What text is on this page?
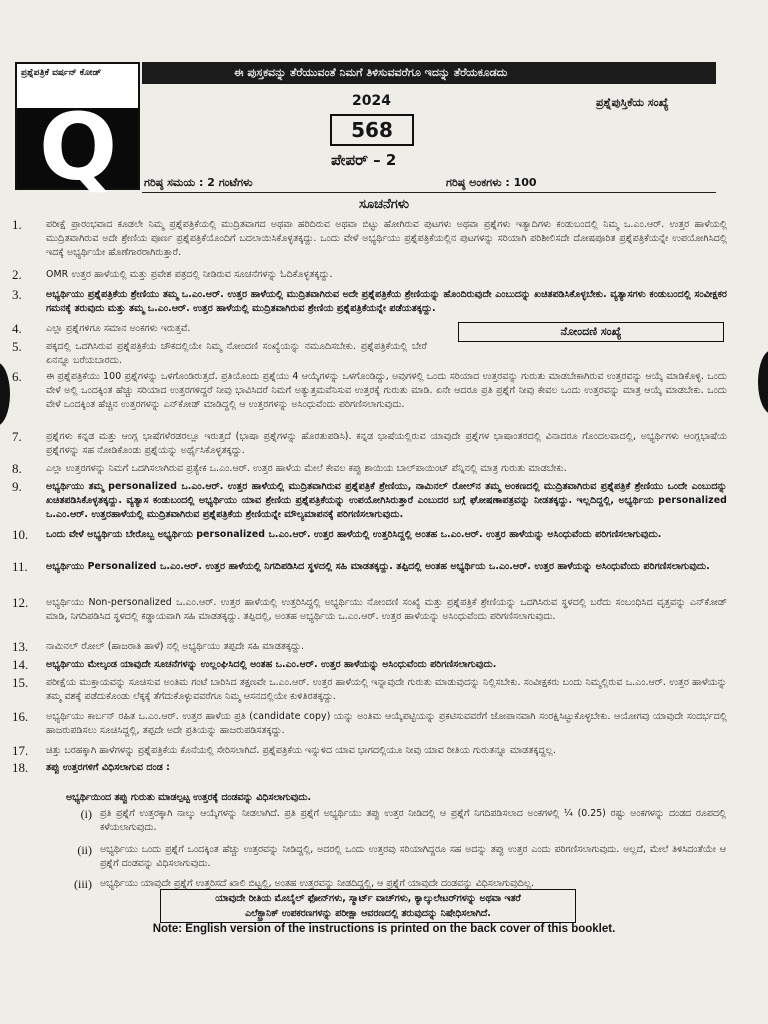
ಪ್ರಶ್ನೆಪತ್ರಿಕೆ ವರ್ಷನ್ ಕೋಡ್
Q
ಈ ಪುಸ್ತಕವನ್ನು ತೆರೆಯುವಂತೆ ನಿಮಗೆ ತಿಳಿಸುವವರೆಗೂ ಇದನ್ನು ತೆರೆಯಕೂಡದು
2024	ಪ್ರಶ್ನೆಪುಸ್ತಿಕೆಯ ಸಂಖ್ಯೆ
568
ಪೇಪರ್ – 2
ಗರಿಷ್ಠ ಸಮಯ : 2 ಗಂಟೆಗಳು	ಗರಿಷ್ಠ ಅಂಕಗಳು : 100
ಸೂಚನೆಗಳು
1.	ಪರೀಕ್ಷೆ ಪ್ರಾರಂಭವಾದ ಕೂಡಲೇ ನಿಮ್ಮ ಪ್ರಶ್ನೆಪತ್ರಿಕೆಯಲ್ಲಿ ಮುದ್ರಿತವಾಗದ ಅಥವಾ ಹರಿದಿರುವ ಅಥವಾ ಬಿಟ್ಟು ಹೋಗಿರುವ ಪುಟಗಳು ಅಥವಾ ಪ್ರಶ್ನೆಗಳು ಇತ್ಯಾದಿಗಳು ಕಂಡುಬಂದಲ್ಲಿ ನಿಮ್ಮ ಒ.ಎಂ.ಆರ್. ಉತ್ತರ ಹಾಳೆಯಲ್ಲಿ ಮುದ್ರಿತವಾಗಿರುವ ಅದೇ ಶ್ರೇಣಿಯ ಪೂರ್ಣ ಪ್ರಶ್ನೆಪತ್ರಿಕೆಯೊಂದಿಗೆ ಬದಲಾಯಿಸಿಕೊಳ್ಳತಕ್ಕದ್ದು. ಒಂದು ವೇಳೆ ಅಭ್ಯರ್ಥಿಯು ಪ್ರಶ್ನೆಪತ್ರಿಕೆಯಲ್ಲಿನ ಪುಟಗಳನ್ನು ಸರಿಯಾಗಿ ಪರಿಶೀಲಿಸದೇ ದೋಷಪೂರಿತ ಪ್ರಶ್ನೆಪತ್ರಿಕೆಯನ್ನೇ ಉಪಯೋಗಿಸಿದಲ್ಲಿ ಇದಕ್ಕೆ ಅಭ್ಯರ್ಥಿಯೇ ಹೊಣೆಗಾರರಾಗಿರುತ್ತಾರೆ.
2.	OMR ಉತ್ತರ ಹಾಳೆಯಲ್ಲಿ ಮತ್ತು ಪ್ರವೇಶ ಪತ್ರದಲ್ಲಿ ನೀಡಿರುವ ಸೂಚನೆಗಳನ್ನು ಓದಿಕೊಳ್ಳತಕ್ಕದ್ದು.
3.	ಅಭ್ಯರ್ಥಿಯು ಪ್ರಶ್ನೆಪತ್ರಿಕೆಯ ಶ್ರೇಣಿಯು ತಮ್ಮ ಒ.ಎಂ.ಆರ್. ಉತ್ತರ ಹಾಳೆಯಲ್ಲಿ ಮುದ್ರಿತವಾಗಿರುವ ಅದೇ ಪ್ರಶ್ನೆಪತ್ರಿಕೆಯ ಶ್ರೇಣಿಯನ್ನು ಹೊಂದಿರುವುದೇ ಎಂಬುದನ್ನು ಖಚಿತಪಡಿಸಿಕೊಳ್ಳಬೇಕು. ವ್ಯತ್ಯಾಸಗಳು ಕಂಡುಬಂದಲ್ಲಿ ಸಂವೀಕ್ಷಕರ ಗಮನಕ್ಕೆ ತರುವುದು ಮತ್ತು ತಮ್ಮ ಒ.ಎಂ.ಆರ್. ಉತ್ತರ ಹಾಳೆಯಲ್ಲಿ ಮುದ್ರಿತವಾಗಿರುವ ಶ್ರೇಣಿಯ ಪ್ರಶ್ನೆಪತ್ರಿಕೆಯನ್ನೇ ಪಡೆಯತಕ್ಕದ್ದು.
4.	ಎಲ್ಲಾ ಪ್ರಶ್ನೆಗಳಿಗೂ ಸಮಾನ ಅಂಕಗಳು ಇರುತ್ತವೆ.
5.	ಪಕ್ಕದಲ್ಲಿ ಒದಗಿಸಿರುವ ಪ್ರಶ್ನೆಪತ್ರಿಕೆಯ ಚೌಕದಲ್ಲಿಯೇ ನಿಮ್ಮ ನೋಂದಣಿ ಸಂಖ್ಯೆಯನ್ನು ನಮೂದಿಸಬೇಕು. ಪ್ರಶ್ನೆಪತ್ರಿಕೆಯಲ್ಲಿ ಬೇರೆ ಏನನ್ನೂ ಬರೆಯಬಾರದು.
6.	ಈ ಪ್ರಶ್ನೆಪತ್ರಿಕೆಯು 100 ಪ್ರಶ್ನೆಗಳನ್ನು ಒಳಗೊಂಡಿರುತ್ತದೆ. ಪ್ರತಿಯೊಂದು ಪ್ರಶ್ನೆಯು 4 ಆಯ್ಕೆಗಳನ್ನು ಒಳಗೊಂಡಿದ್ದು, ಅವುಗಳಲ್ಲಿ ಒಂದು ಸರಿಯಾದ ಉತ್ತರವನ್ನು ಗುರುತು ಮಾಡಬೇಕಾಗಿರುವ ಉತ್ತರವನ್ನು ಆಯ್ಕೆ ಮಾಡಿಕೊಳ್ಳಿ. ಒಂದು ವೇಳೆ ಅಲ್ಲಿ ಒಂದಕ್ಕಿಂತ ಹೆಚ್ಚು ಸರಿಯಾದ ಉತ್ತರಗಳಿದ್ದರೆ ನೀವು ಭಾವಿಸಿದರೆ ನಿಮಗೆ ಅತ್ಯುತ್ತಮವೆನಿಸುವ ಉತ್ತರಕ್ಕೆ ಗುರುತು ಮಾಡಿ. ಏನೇ ಆದರೂ ಪ್ರತಿ ಪ್ರಶ್ನೆಗೆ ನೀವು ಕೇವಲ ಒಂದು ಉತ್ತರವನ್ನು ಮಾತ್ರ ಆಯ್ಕೆ ಮಾಡಬೇಕು. ಒಂದು ವೇಳೆ ಒಂದಕ್ಕಿಂತ ಹೆಚ್ಚಿನ ಉತ್ತರಗಳನ್ನು ಎನ್‌ಕೋಡ್ ಮಾಡಿದ್ದಲ್ಲಿ ಆ ಉತ್ತರಗಳನ್ನು ಅಸಿಂಧುವೆಂದು ಪರಿಗಣಿಸಲಾಗುವುದು.
7.	ಪ್ರಶ್ನೆಗಳು ಕನ್ನಡ ಮತ್ತು ಆಂಗ್ಲ ಭಾಷೆಗಳೆರಡರಲ್ಲೂ ಇರುತ್ತದೆ (ಭಾಷಾ ಪ್ರಶ್ನೆಗಳನ್ನು ಹೊರತುಪಡಿಸಿ). ಕನ್ನಡ ಭಾಷೆಯಲ್ಲಿರುವ ಯಾವುದೇ ಪ್ರಶ್ನೆಗಳ ಭಾಷಾಂತರದಲ್ಲಿ ವಿನಾದರೂ ಗೊಂದಲವಾದಲ್ಲಿ, ಅಭ್ಯರ್ಥಿಗಳು ಆಂಗ್ಲಭಾಷೆಯ ಪ್ರಶ್ನೆಗಳನ್ನು ಸಹ ನೋಡಿಕೊಂಡು ಪ್ರಶ್ನೆಯನ್ನು ಅರ್ಥೈಸಿಕೊಳ್ಳತಕ್ಕದ್ದು.
8.	ಎಲ್ಲಾ ಉತ್ತರಗಳನ್ನು ನಿಮಗೆ ಒದಗಿಸಲಾಗಿರುವ ಪ್ರತ್ಯೇಕ ಒ.ಎಂ.ಆರ್. ಉತ್ತರ ಹಾಳೆಯ ಮೇಲೆ ಕೇವಲ ಕಪ್ಪು ಶಾಯಿಯ ಬಾಲ್‌ಪಾಯಿಂಟ್ ಪೆನ್ನಿನಲ್ಲಿ ಮಾತ್ರ ಗುರುತು ಮಾಡಬೇಕು.
9.	ಅಭ್ಯರ್ಥಿಯು ತಮ್ಮ personalized ಒ.ಎಂ.ಆರ್. ಉತ್ತರ ಹಾಳೆಯಲ್ಲಿ ಮುದ್ರಿತವಾಗಿರುವ ಪ್ರಶ್ನೆಪತ್ರಿಕೆ ಶ್ರೇಣಿಯು, ನಾಮಿನಲ್ ರೋಲ್‌ನ ತಮ್ಮ ಅಂಕಣದಲ್ಲಿ ಮುದ್ರಿತವಾಗಿರುವ ಪ್ರಶ್ನೆಪತ್ರಿಕೆ ಶ್ರೇಣಿಯು ಒಂದೇ ಎಂಬುದನ್ನು ಖಚಿತಪಡಿಸಿಕೊಳ್ಳತಕ್ಕದ್ದು. ವ್ಯತ್ಯಾಸ ಕಂಡುಬಂದಲ್ಲಿ ಅಭ್ಯರ್ಥಿಯು ಯಾವ ಶ್ರೇಣಿಯ ಪ್ರಶ್ನೆಪತ್ರಿಕೆಯನ್ನು ಉಪಯೋಗಿಸಿರುತ್ತಾರೆ ಎಂಬುದರ ಬಗ್ಗೆ ಘೋಷಣಾಪತ್ರವನ್ನು ನೀಡತಕ್ಕದ್ದು. ಇಲ್ಲದಿದ್ದಲ್ಲಿ, ಅಭ್ಯರ್ಥಿಯ personalized ಒ.ಎಂ.ಆರ್. ಉತ್ತರಹಾಳೆಯಲ್ಲಿ ಮುದ್ರಿತವಾಗಿರುವ ಪ್ರಶ್ನೆಪತ್ರಿಕೆಯ ಶ್ರೇಣಿಯನ್ನೇ ಮೌಲ್ಯಮಾಪನಕ್ಕೆ ಪರಿಗಣಿಸಲಾಗುವುದು.
10.	ಒಂದು ವೇಳೆ ಅಭ್ಯರ್ಥಿಯ ಬೇರೊಬ್ಬ ಅಭ್ಯರ್ಥಿಯ personalized ಒ.ಎಂ.ಆರ್. ಉತ್ತರ ಹಾಳೆಯಲ್ಲಿ ಉತ್ತರಿಸಿದ್ದಲ್ಲಿ ಅಂತಹ ಒ.ಎಂ.ಆರ್. ಉತ್ತರ ಹಾಳೆಯನ್ನು ಅಸಿಂಧುವೆಂದು ಪರಿಗಣಿಸಲಾಗುವುದು.
11.	ಅಭ್ಯರ್ಥಿಯು Personalized ಒ.ಎಂ.ಆರ್. ಉತ್ತರ ಹಾಳೆಯಲ್ಲಿ ನಿಗದಿಪಡಿಸಿದ ಸ್ಥಳದಲ್ಲಿ ಸಹಿ ಮಾಡತಕ್ಕದ್ದು. ತಪ್ಪಿದಲ್ಲಿ ಅಂತಹ ಅಭ್ಯರ್ಥಿಯ ಒ.ಎಂ.ಆರ್. ಉತ್ತರ ಹಾಳೆಯನ್ನು ಅಸಿಂಧುವೆಂದು ಪರಿಗಣಿಸಲಾಗುವುದು.
12.	ಅಭ್ಯರ್ಥಿಯು Non-personalized ಒ.ಎಂ.ಆರ್. ಉತ್ತರ ಹಾಳೆಯಲ್ಲಿ ಉತ್ತರಿಸಿದ್ದಲ್ಲಿ ಅಭ್ಯರ್ಥಿಯು ನೋಂದಣಿ ಸಂಖ್ಯೆ ಮತ್ತು ಪ್ರಶ್ನೆಪತ್ರಿಕೆ ಶ್ರೇಣಿಯನ್ನು ಒದಗಿಸಿರುವ ಸ್ಥಳದಲ್ಲಿ ಬರೆದು ಸಂಬಂಧಿಸಿದ ವೃತ್ತವನ್ನು ಎನ್‌ಕೋಡ್ ಮಾಡಿ, ನಿಗದಿಪಡಿಸಿದ ಸ್ಥಳದಲ್ಲಿ ಕಡ್ಡಾಯವಾಗಿ ಸಹಿ ಮಾಡತಕ್ಕದ್ದು. ತಪ್ಪಿದಲ್ಲಿ, ಅಂತಹ ಅಭ್ಯರ್ಥಿಯ ಒ.ಎಂ.ಆರ್. ಉತ್ತರ ಹಾಳೆಯನ್ನು ಅಸಿಂಧುವೆಂದು ಪರಿಗಣಿಸಲಾಗುವುದು.
13.	ನಾಮಿನಲ್ ರೋಲ್ (ಹಾಜರಾತಿ ಹಾಳೆ) ನಲ್ಲಿ ಅಭ್ಯರ್ಥಿಯು ತಪ್ಪದೇ ಸಹಿ ಮಾಡತಕ್ಕದ್ದು.
14.	ಅಭ್ಯರ್ಥಿಯು ಮೇಲ್ಕಂಡ ಯಾವುದೇ ಸೂಚನೆಗಳನ್ನು ಉಲ್ಲಂಘಿಸಿದಲ್ಲಿ ಅಂತಹ ಒ.ಎಂ.ಆರ್. ಉತ್ತರ ಹಾಳೆಯನ್ನು ಅಸಿಂಧುವೆಂದು ಪರಿಗಣಿಸಲಾಗುವುದು.
15.	ಪರೀಕ್ಷೆಯ ಮುಕ್ತಾಯವನ್ನು ಸೂಚಿಸುವ ಅಂತಿಮ ಗಂಟೆ ಬಾರಿಸಿದ ತಕ್ಷಣವೇ ಒ.ಎಂ.ಆರ್. ಉತ್ತರ ಹಾಳೆಯಲ್ಲಿ ಇನ್ನಾವುದೇ ಗುರುತು ಮಾಡುವುದನ್ನು ನಿಲ್ಲಿಸಬೇಕು. ಸಂವೀಕ್ಷಕರು ಬಂದು ನಿಮ್ಮಲ್ಲಿರುವ ಒ.ಎಂ.ಆರ್. ಉತ್ತರ ಹಾಳೆಯನ್ನು ತಮ್ಮ ವಶಕ್ಕೆ ಪಡೆದುಕೊಂಡು ಲೆಕ್ಕಕ್ಕೆ ತೆಗೆದುಕೊಳ್ಳುವವರೆಗೂ ನಿಮ್ಮ ಆಸನದಲ್ಲಿಯೇ ಕುಳಿತಿರತಕ್ಕದ್ದು.
16.	ಅಭ್ಯರ್ಥಿಯು ಕಾರ್ಬನ್ ರಹಿತ ಒ.ಎಂ.ಆರ್. ಉತ್ತರ ಹಾಳೆಯ ಪ್ರತಿ (candidate copy) ಯನ್ನು ಅಂತಿಮ ಆಯ್ಕೆಪಟ್ಟಿಯನ್ನು ಪ್ರಕಟಿಸುವವರೆಗೆ ಜೋಪಾನವಾಗಿ ಸಂರಕ್ಷಿಸಿಟ್ಟುಕೊಳ್ಳಬೇಕು. ಆಯೋಗವು ಯಾವುದೇ ಸಂದರ್ಭದಲ್ಲಿ ಹಾಜರುಪಡಿಸಲು ಸೂಚಿಸಿದ್ದಲ್ಲಿ, ತಪ್ಪದೇ ಅದೇ ಪ್ರತಿಯನ್ನು ಹಾಜರುಪಡಿಸತಕ್ಕದ್ದು.
17.	ಚಿತ್ತು ಬರಹಕ್ಕಾಗಿ ಹಾಳೆಗಳನ್ನು ಪ್ರಶ್ನೆಪತ್ರಿಕೆಯ ಕೊನೆಯಲ್ಲಿ ಸೇರಿಸಲಾಗಿದೆ. ಪ್ರಶ್ನೆಪತ್ರಿಕೆಯ ಇನ್ನುಳಿದ ಯಾವ ಭಾಗದಲ್ಲಿಯೂ ನೀವು ಯಾವ ರೀತಿಯ ಗುರುತನ್ನೂ ಮಾಡತಕ್ಕದ್ದಲ್ಲ.
18.	ತಪ್ಪು ಉತ್ತರಗಳಿಗೆ ವಿಧಿಸಲಾಗುವ ದಂಡ :
ನೋಂದಣಿ ಸಂಖ್ಯೆ
ಅಭ್ಯರ್ಥಿಯಿಂದ ತಪ್ಪು ಗುರುತು ಮಾಡಲ್ಪಟ್ಟ ಉತ್ತರಕ್ಕೆ ದಂಡವನ್ನು ವಿಧಿಸಲಾಗುವುದು.
(i) ಪ್ರತಿ ಪ್ರಶ್ನೆಗೆ ಉತ್ತರಕ್ಕಾಗಿ ನಾಲ್ಕು ಆಯ್ಕೆಗಳನ್ನು ನೀಡಲಾಗಿದೆ. ಪ್ರತಿ ಪ್ರಶ್ನೆಗೆ ಅಭ್ಯರ್ಥಿಯು ತಪ್ಪು ಉತ್ತರ ನೀಡಿದಲ್ಲಿ ಆ ಪ್ರಶ್ನೆಗೆ ನಿಗದಿಪಡಿಸಲಾದ ಅಂಕಗಳಲ್ಲಿ ¼ (0.25) ರಷ್ಟು ಅಂಕಗಳನ್ನು ದಂಡದ ರೂಪದಲ್ಲಿ ಕಳೆಯಲಾಗುವುದು.
(ii) ಅಭ್ಯರ್ಥಿಯು ಒಂದು ಪ್ರಶ್ನೆಗೆ ಒಂದಕ್ಕಿಂತ ಹೆಚ್ಚು ಉತ್ತರವನ್ನು ನೀಡಿದ್ದಲ್ಲಿ, ಅದರಲ್ಲಿ ಒಂದು ಉತ್ತರವು ಸರಿಯಾಗಿದ್ದರೂ ಸಹ ಅದನ್ನು ತಪ್ಪು ಉತ್ತರ ಎಂದು ಪರಿಗಣಿಸಲಾಗುವುದು. ಅಲ್ಲದೆ, ಮೇಲೆ ತಿಳಿಸಿದಂತೆಯೇ ಆ ಪ್ರಶ್ನೆಗೆ ದಂಡವನ್ನು ವಿಧಿಸಲಾಗುವುದು.
(iii) ಅಭ್ಯರ್ಥಿಯು ಯಾವುದೇ ಪ್ರಶ್ನೆಗೆ ಉತ್ತರಿಸದೆ ಖಾಲಿ ಬಿಟ್ಟಲ್ಲಿ, ಅಂತಹ ಉತ್ತರವನ್ನು ನೀಡದಿದ್ದಲ್ಲಿ, ಆ ಪ್ರಶ್ನೆಗೆ ಯಾವುದೇ ದಂಡವನ್ನು ವಿಧಿಸಲಾಗುವುದಿಲ್ಲ.
ಯಾವುದೇ ರೀತಿಯ ಮೊಬೈಲ್ ಫೋನ್‌ಗಳು, ಸ್ಮಾರ್ಟ್ ವಾಚ್‌ಗಳು, ಕ್ಯಾಲ್ಕುಲೇಟರ್‌ಗಳನ್ನು ಅಥವಾ ಇತರೆ
ಎಲೆಕ್ಟ್ರಾನಿಕ್ ಉಪಕರಣಗಳನ್ನು ಪರೀಕ್ಷಾ ಆವರಣದಲ್ಲಿ ತರುವುದನ್ನು ನಿಷೇಧಿಸಲಾಗಿದೆ.
Note: English version of the instructions is printed on the back cover of this booklet.
